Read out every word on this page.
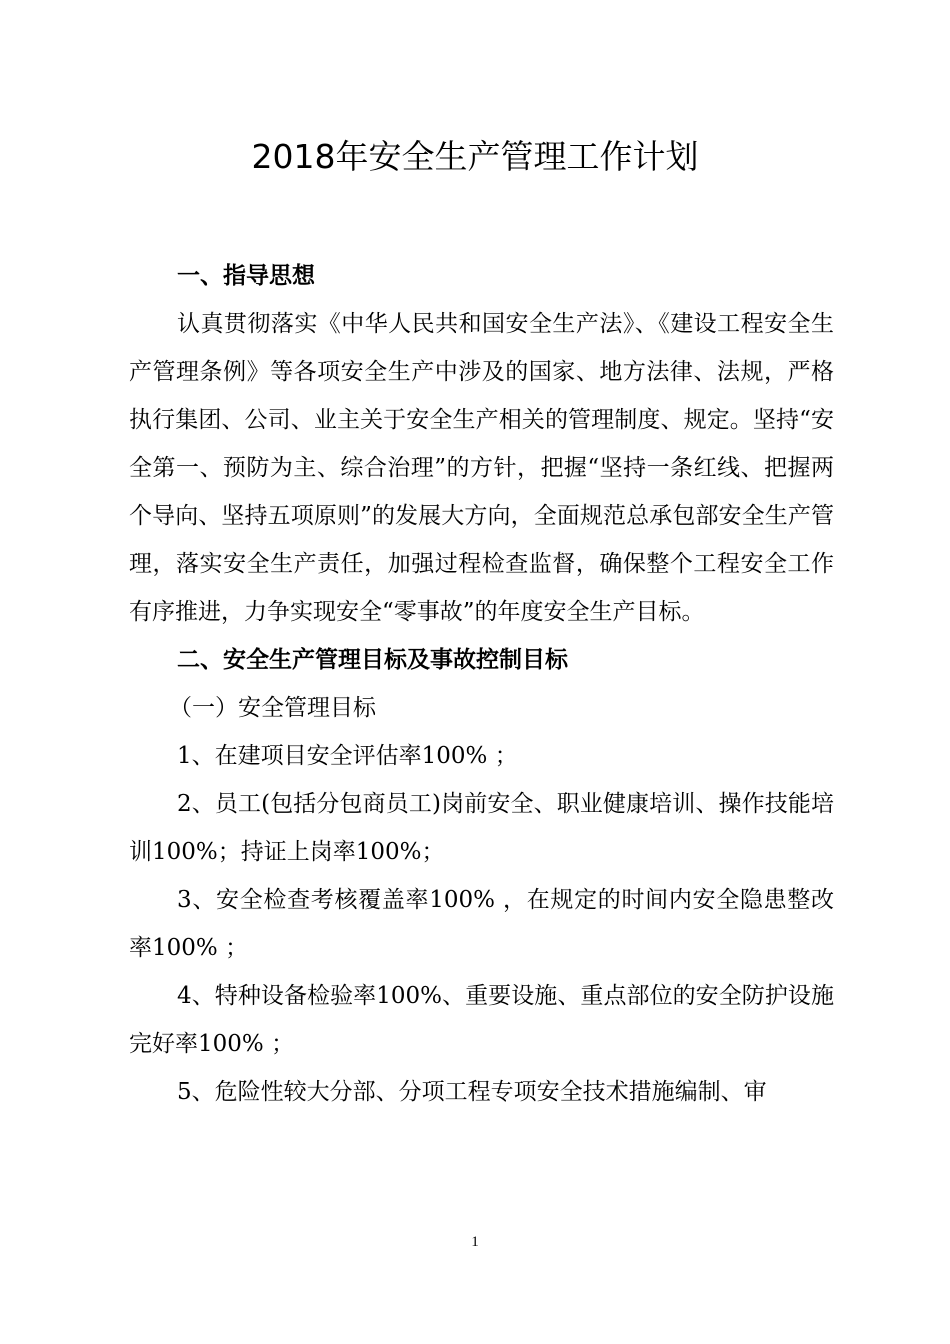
2018年安全生产管理工作计划

一、指导思想

认真贯彻落实《中华人民共和国安全生产法》、《建设工程安全生产管理条例》等各项安全生产中涉及的国家、地方法律、法规，严格执行集团、公司、业主关于安全生产相关的管理制度、规定。坚持“安全第一、预防为主、综合治理”的方针，把握“坚持一条红线、把握两个导向、坚持五项原则”的发展大方向，全面规范总承包部安全生产管理，落实安全生产责任，加强过程检查监督，确保整个工程安全工作有序推进，力争实现安全“零事故”的年度安全生产目标。

二、安全生产管理目标及事故控制目标

（一）安全管理目标

1、在建项目安全评估率100% ；

2、员工(包括分包商员工)岗前安全、职业健康培训、操作技能培训100%；持证上岗率100%；

3、安全检查考核覆盖率100% ，在规定的时间内安全隐患整改率100% ；

4、特种设备检验率100%、重要设施、重点部位的安全防护设施完好率100% ；

5、危险性较大分部、分项工程专项安全技术措施编制、审

1
